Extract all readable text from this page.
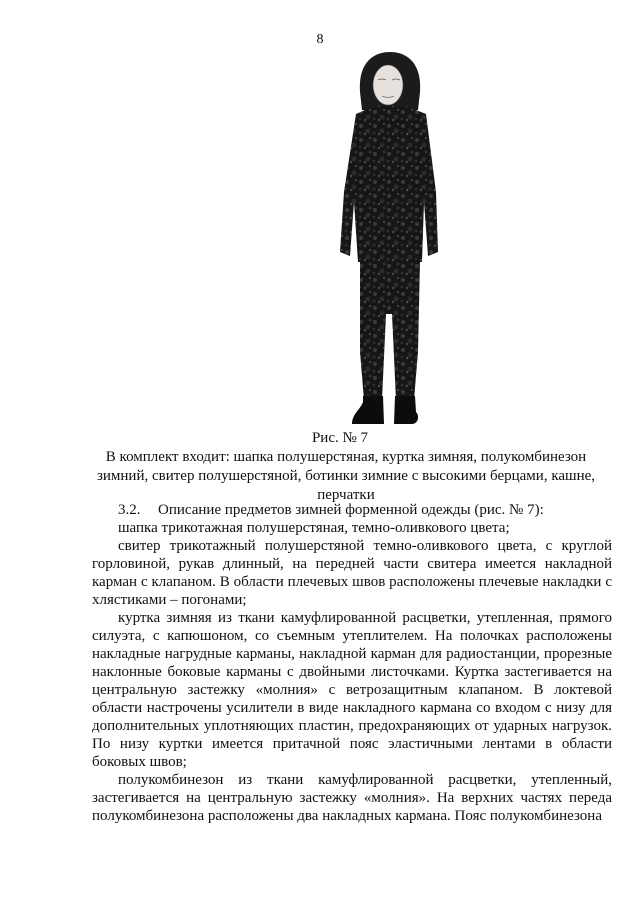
8
Рис. № 7
В комплект входит: шапка полушерстяная, куртка зимняя, полукомбинезон зимний, свитер полушерстяной, ботинки зимние с высокими берцами, кашне, перчатки

3.2. Описание предметов зимней форменной одежды (рис. № 7):

шапка трикотажная полушерстяная, темно-оливкового цвета;

свитер трикотажный полушерстяной темно-оливкового цвета, с круглой горловиной, рукав длинный, на передней части свитера имеется накладной карман с клапаном. В области плечевых швов расположены плечевые накладки с хлястиками – погонами;

куртка зимняя из ткани камуфлированной расцветки, утепленная, прямого силуэта, с капюшоном, со съемным утеплителем. На полочках расположены накладные нагрудные карманы, накладной карман для радиостанции, прорезные наклонные боковые карманы с двойными листочками. Куртка застегивается на центральную застежку «молния» с ветрозащитным клапаном. В локтевой области настрочены усилители в виде накладного кармана со входом с низу для дополнительных уплотняющих пластин, предохраняющих от ударных нагрузок. По низу куртки имеется притачной пояс эластичными лентами в области боковых швов;

полукомбинезон из ткани камуфлированной расцветки, утепленный, застегивается на центральную застежку «молния». На верхних частях переда полукомбинезона расположены два накладных кармана. Пояс полукомбинезона
